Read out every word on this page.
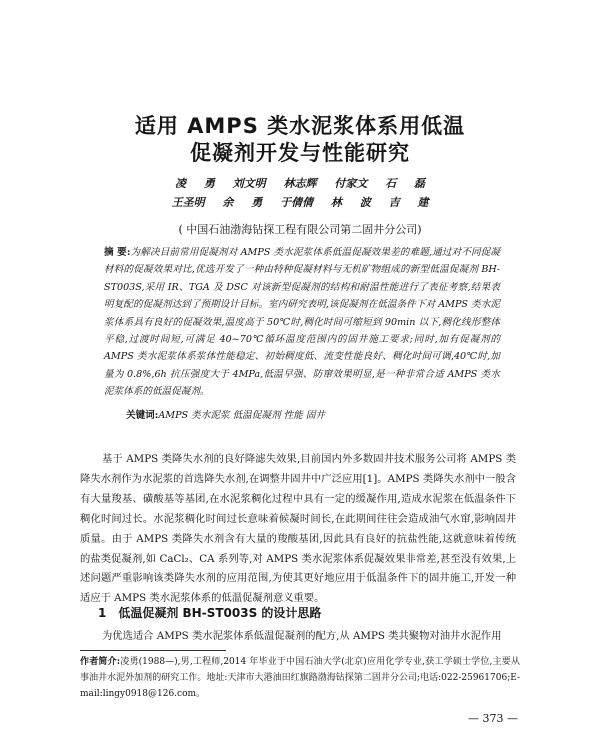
适用 AMPS 类水泥浆体系用低温
促凝剂开发与性能研究
凌 勇 刘文明 林志辉 付家文 石 磊
王圣明 余 勇 于倩倩 林 波 吉 建
( 中国石油渤海钻探工程有限公司第二固井分公司)
摘 要:为解决目前常用促凝剂对 AMPS 类水泥浆体系低温促凝效果差的难题,通过对不同促凝材料的促凝效果对比,优选开发了一种由特种促凝材料与无机矿物组成的新型低温促凝剂 BH-ST003S,采用 IR、TGA 及 DSC 对该新型促凝剂的结构和耐温性能进行了表征考察,结果表明复配的促凝剂达到了预期设计目标。室内研究表明,该促凝剂在低温条件下对 AMPS 类水泥浆体系具有良好的促凝效果,温度高于 50℃时,稠化时间可缩短到 90min 以下,稠化线形整体平稳,过渡时间短,可满足 40~70℃循环温度范围内的固井施工要求;同时,加有促凝剂的 AMPS 类水泥浆体系浆体性能稳定、初始稠度低、流变性能良好、稠化时间可调,40℃时,加量为 0.8%,6h 抗压强度大于 4MPa,低温早强、防窜效果明显,是一种非常合适 AMPS 类水泥浆体系的低温促凝剂。
关键词:AMPS 类水泥浆 低温促凝剂 性能 固井
基于 AMPS 类降失水剂的良好降滤失效果,目前国内外多数固井技术服务公司将 AMPS 类降失水剂作为水泥浆的首选降失水剂,在调整井固井中广泛应用[1]。AMPS 类降失水剂中一般含有大量羧基、磺酸基等基团,在水泥浆稠化过程中具有一定的缓凝作用,造成水泥浆在低温条件下稠化时间过长。水泥浆稠化时间过长意味着候凝时间长,在此期间往往会造成油气水窜,影响固井质量。由于 AMPS 类降失水剂含有大量的羧酸基团,因此具有良好的抗盐性能,这就意味着传统的盐类促凝剂,如 CaCl₂、CA 系列等,对 AMPS 类水泥浆体系促凝效果非常差,甚至没有效果,上述问题严重影响该类降失水剂的应用范围,为使其更好地应用于低温条件下的固井施工,开发一种适应于 AMPS 类水泥浆体系的低温促凝剂意义重要。
1 低温促凝剂 BH-ST003S 的设计思路
为优选适合 AMPS 类水泥浆体系低温促凝剂的配方,从 AMPS 类共聚物对油井水泥作用
作者简介:凌勇(1988—),男,工程师,2014 年毕业于中国石油大学(北京)应用化学专业,获工学硕士学位,主要从事油井水泥外加剂的研究工作。地址:天津市大港油田红旗路渤海钻探第二固井分公司;电话:022-25961706;E-mail:lingy0918@126.com。
— 373 —
